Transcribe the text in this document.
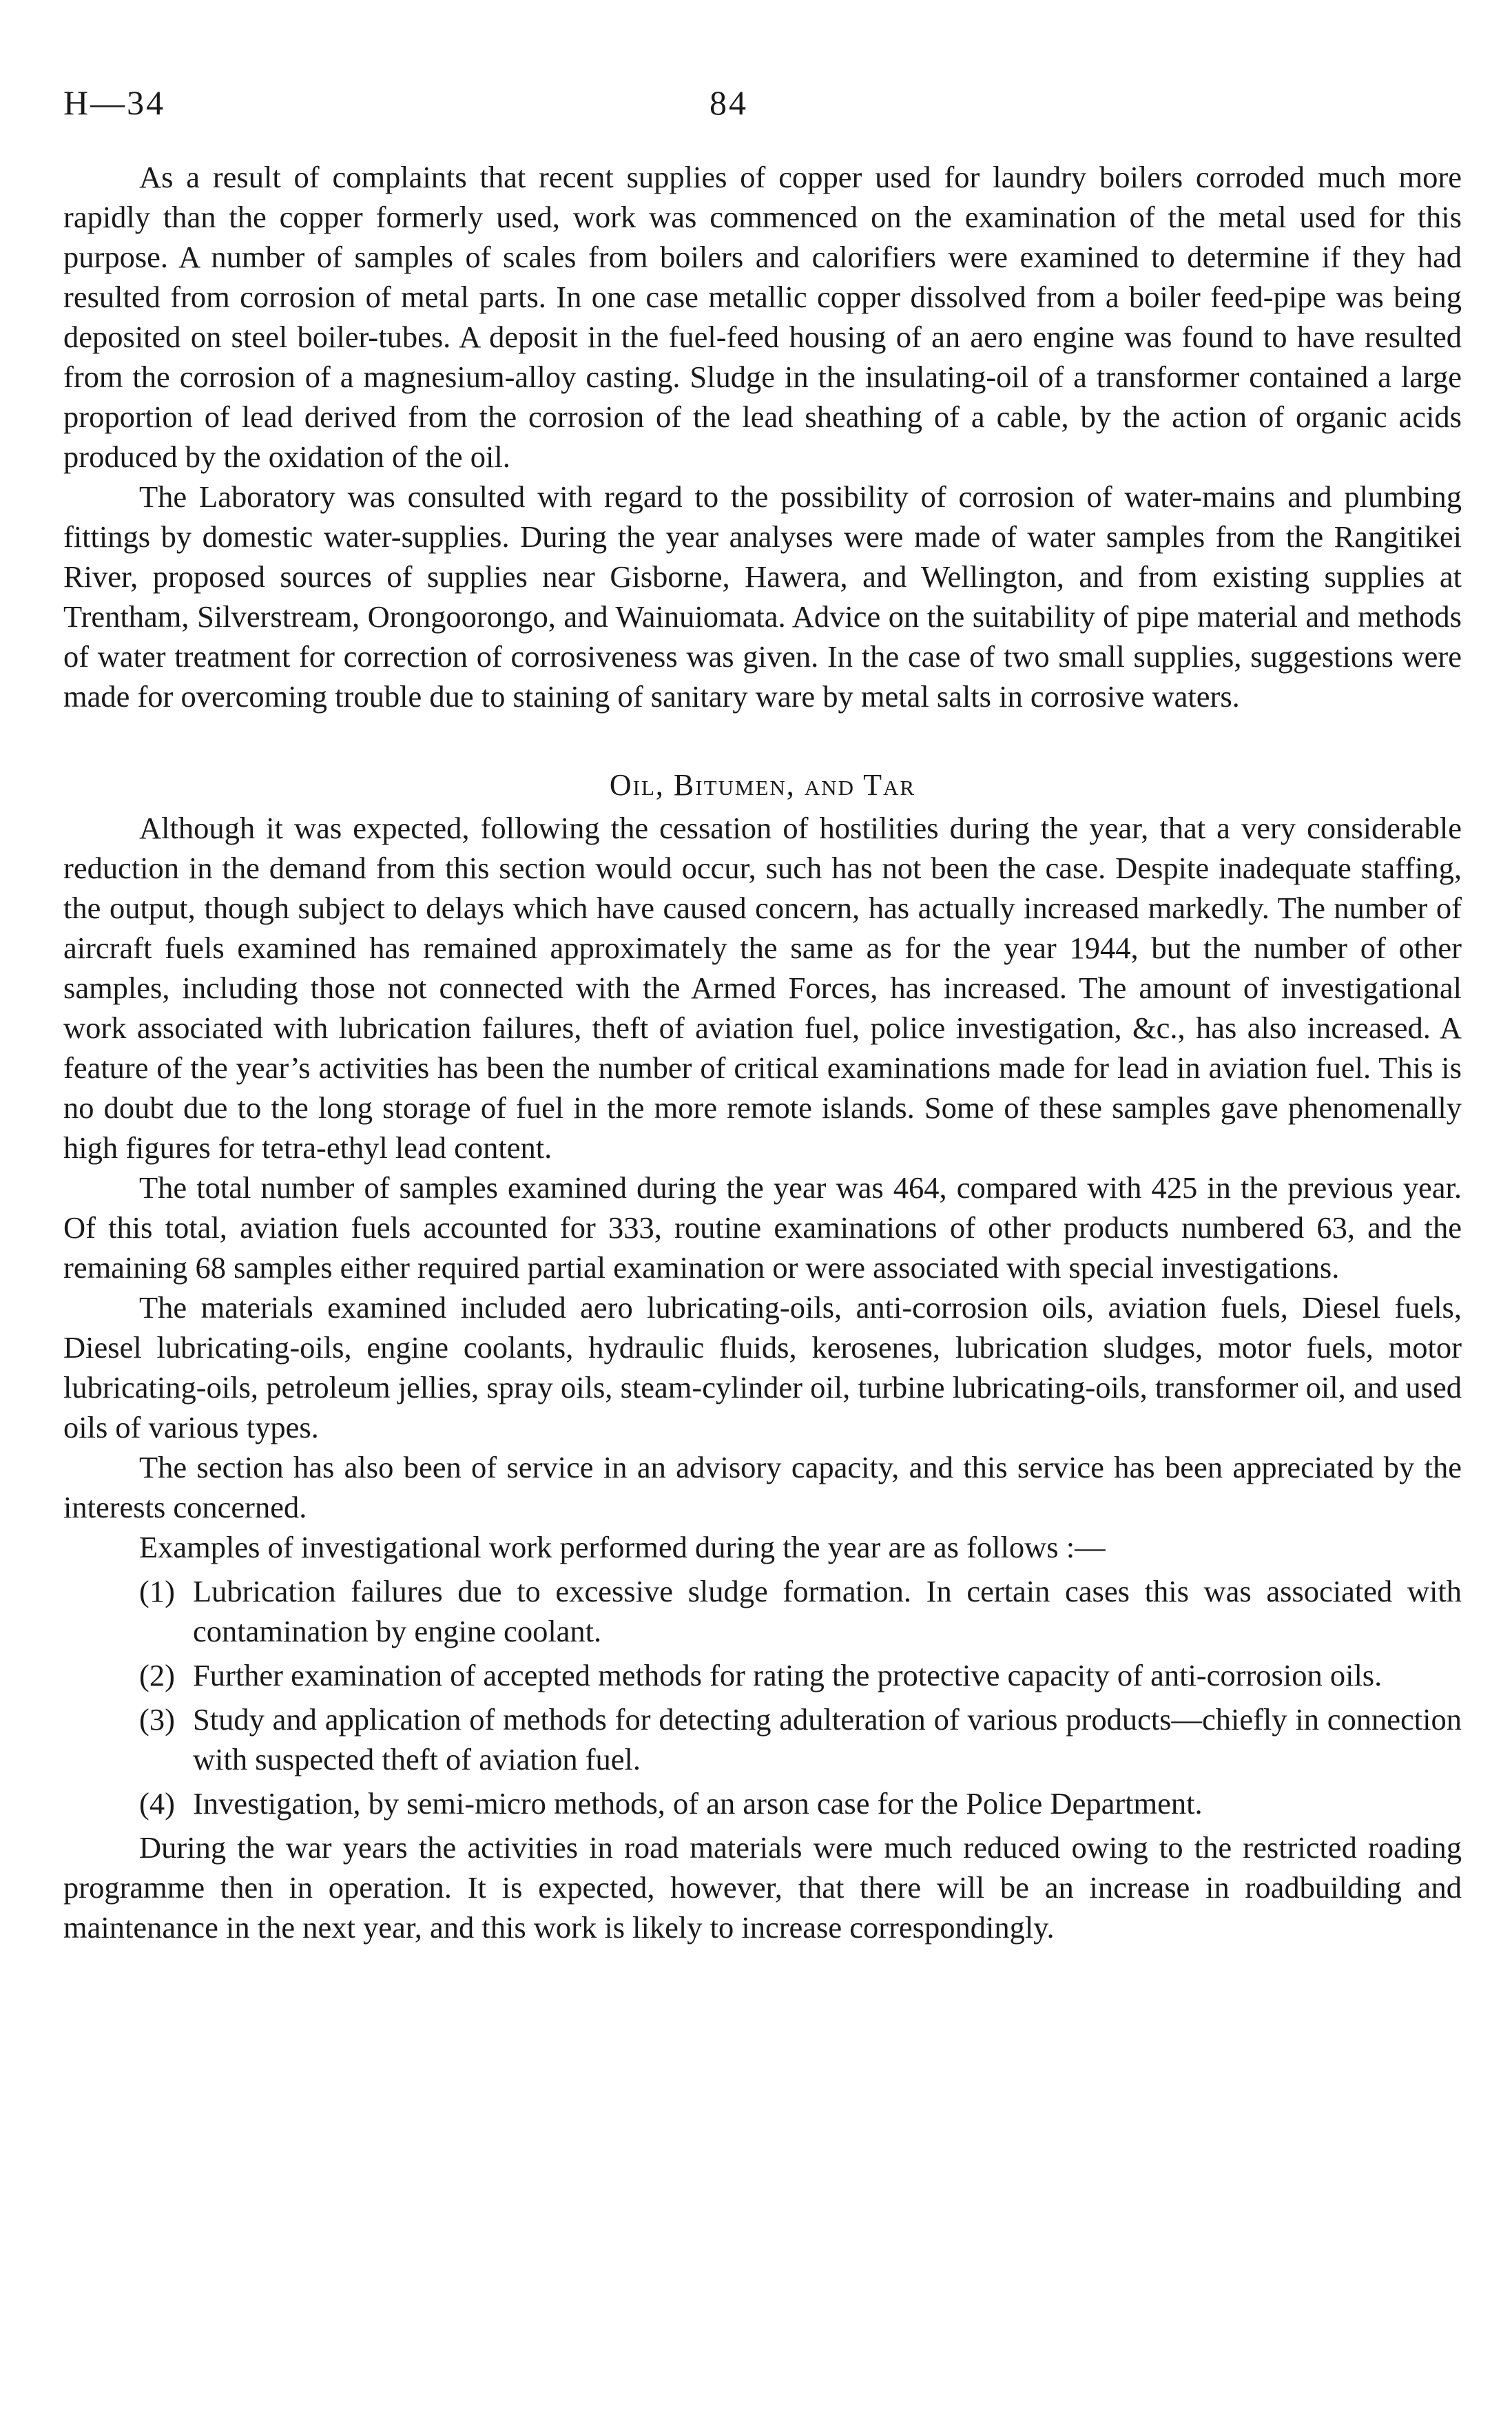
H—34	84

As a result of complaints that recent supplies of copper used for laundry boilers corroded much more rapidly than the copper formerly used, work was commenced on the examination of the metal used for this purpose. A number of samples of scales from boilers and calorifiers were examined to determine if they had resulted from corrosion of metal parts. In one case metallic copper dissolved from a boiler feed-pipe was being deposited on steel boiler-tubes. A deposit in the fuel-feed housing of an aero engine was found to have resulted from the corrosion of a magnesium-alloy casting. Sludge in the insulating-oil of a transformer contained a large proportion of lead derived from the corrosion of the lead sheathing of a cable, by the action of organic acids produced by the oxidation of the oil.

The Laboratory was consulted with regard to the possibility of corrosion of water-mains and plumbing fittings by domestic water-supplies. During the year analyses were made of water samples from the Rangitikei River, proposed sources of supplies near Gisborne, Hawera, and Wellington, and from existing supplies at Trentham, Silverstream, Orongoorongo, and Wainuiomata. Advice on the suitability of pipe material and methods of water treatment for correction of corrosiveness was given. In the case of two small supplies, suggestions were made for overcoming trouble due to staining of sanitary ware by metal salts in corrosive waters.

Oil, Bitumen, and Tar

Although it was expected, following the cessation of hostilities during the year, that a very considerable reduction in the demand from this section would occur, such has not been the case. Despite inadequate staffing, the output, though subject to delays which have caused concern, has actually increased markedly. The number of aircraft fuels examined has remained approximately the same as for the year 1944, but the number of other samples, including those not connected with the Armed Forces, has increased. The amount of investigational work associated with lubrication failures, theft of aviation fuel, police investigation, &c., has also increased. A feature of the year’s activities has been the number of critical examinations made for lead in aviation fuel. This is no doubt due to the long storage of fuel in the more remote islands. Some of these samples gave phenomenally high figures for tetra-ethyl lead content.

The total number of samples examined during the year was 464, compared with 425 in the previous year. Of this total, aviation fuels accounted for 333, routine examinations of other products numbered 63, and the remaining 68 samples either required partial examination or were associated with special investigations.

The materials examined included aero lubricating-oils, anti-corrosion oils, aviation fuels, Diesel fuels, Diesel lubricating-oils, engine coolants, hydraulic fluids, kerosenes, lubrication sludges, motor fuels, motor lubricating-oils, petroleum jellies, spray oils, steam-cylinder oil, turbine lubricating-oils, transformer oil, and used oils of various types.

The section has also been of service in an advisory capacity, and this service has been appreciated by the interests concerned.

Examples of investigational work performed during the year are as follows :—

(1) Lubrication failures due to excessive sludge formation. In certain cases this was associated with contamination by engine coolant.
(2) Further examination of accepted methods for rating the protective capacity of anti-corrosion oils.
(3) Study and application of methods for detecting adulteration of various products—chiefly in connection with suspected theft of aviation fuel.
(4) Investigation, by semi-micro methods, of an arson case for the Police Department.

During the war years the activities in road materials were much reduced owing to the restricted roading programme then in operation. It is expected, however, that there will be an increase in roadbuilding and maintenance in the next year, and this work is likely to increase correspondingly.
